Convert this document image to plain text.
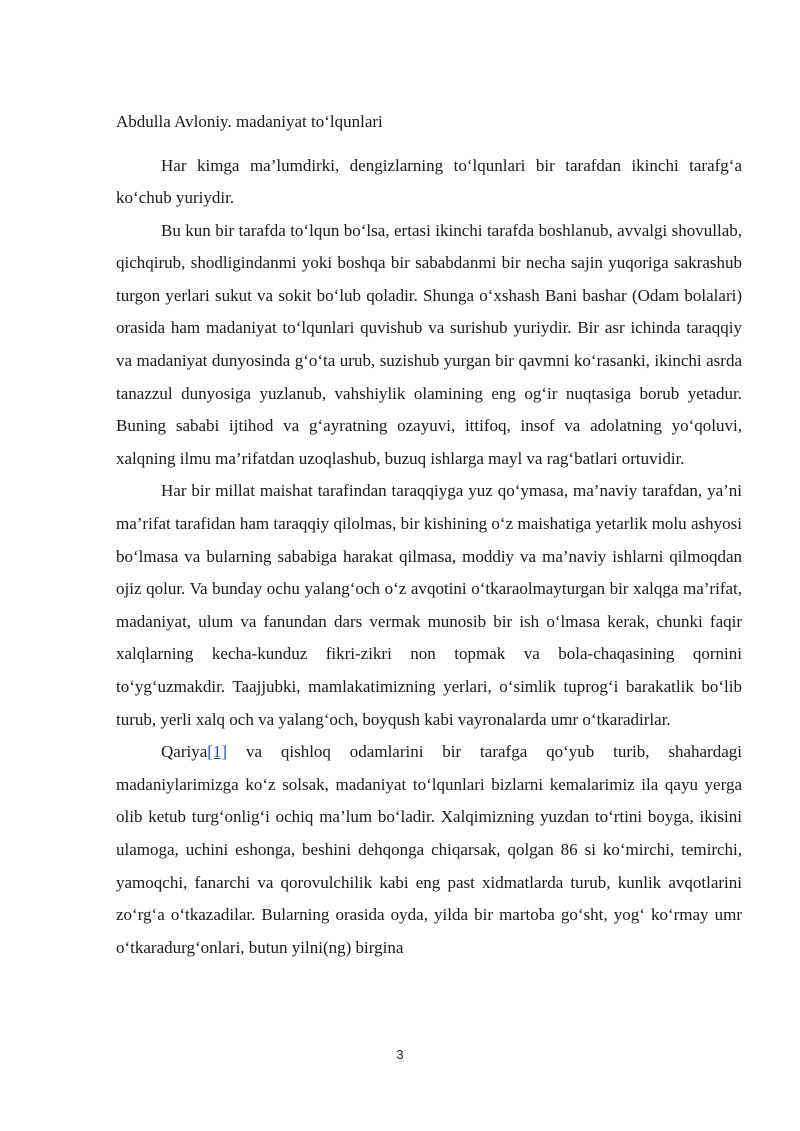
Abdulla Avloniy. madaniyat to‘lqunlari

Har kimga ma’lumdirki, dengizlarning to‘lqunlari bir tarafdan ikinchi tarafg‘a ko‘chub yuriydir.

Bu kun bir tarafda to‘lqun bo‘lsa, ertasi ikinchi tarafda boshlanub, avvalgi shovullab, qichqirub, shodligindanmi yoki boshqa bir sababdanmi bir necha sajin yuqoriga sakrashub turgon yerlari sukut va sokit bo‘lub qoladir. Shunga o‘xshash Bani bashar (Odam bolalari) orasida ham madaniyat to‘lqunlari quvishub va surishub yuriydir. Bir asr ichinda taraqqiy va madaniyat dunyosinda g‘o‘ta urub, suzishub yurgan bir qavmni ko‘rasanki, ikinchi asrda tanazzul dunyosiga yuzlanub, vahshiylik olamining eng og‘ir nuqtasiga borub yetadur. Buning sababi ijtihod va g‘ayratning ozayuvi, ittifoq, insof va adolatning yo‘qoluvi, xalqning ilmu ma’rifatdan uzoqlashub, buzuq ishlarga mayl va rag‘batlari ortuvidir.

Har bir millat maishat tarafindan taraqqiyga yuz qo‘ymasa, ma’naviy tarafdan, ya’ni ma’rifat tarafidan ham taraqqiy qilolmas, bir kishining o‘z maishatiga yetarlik molu ashyosi bo‘lmasa va bularning sababiga harakat qilmasa, moddiy va ma’naviy ishlarni qilmoqdan ojiz qolur. Va bunday ochu yalang‘och o‘z avqotini o‘tkaraolmayturgan bir xalqga ma’rifat, madaniyat, ulum va fanundan dars vermak munosib bir ish o‘lmasa kerak, chunki faqir xalqlarning kecha-kunduz fikri-zikri non topmak va bola-chaqasining qornini to‘yg‘uzmakdir. Taajjubki, mamlakatimizning yerlari, o‘simlik tuprog‘i barakatlik bo‘lib turub, yerli xalq och va yalang‘och, boyqush kabi vayronalarda umr o‘tkaradirlar.

Qariya[1] va qishloq odamlarini bir tarafga qo‘yub turib, shahardagi madaniylarimizga ko‘z solsak, madaniyat to‘lqunlari bizlarni kemalarimiz ila qayu yerga olib ketub turg‘onlig‘i ochiq ma’lum bo‘ladir. Xalqimizning yuzdan to‘rtini boyga, ikisini ulamoga, uchini eshonga, beshini dehqonga chiqarsak, qolgan 86 si ko‘mirchi, temirchi, yamoqchi, fanarchi va qorovulchilik kabi eng past xidmatlarda turub, kunlik avqotlarini zo‘rg‘a o‘tkazadilar. Bularning orasida oyda, yilda bir martoba go‘sht, yog‘ ko‘rmay umr o‘tkaradurg‘onlari, butun yilni(ng) birgina

3
